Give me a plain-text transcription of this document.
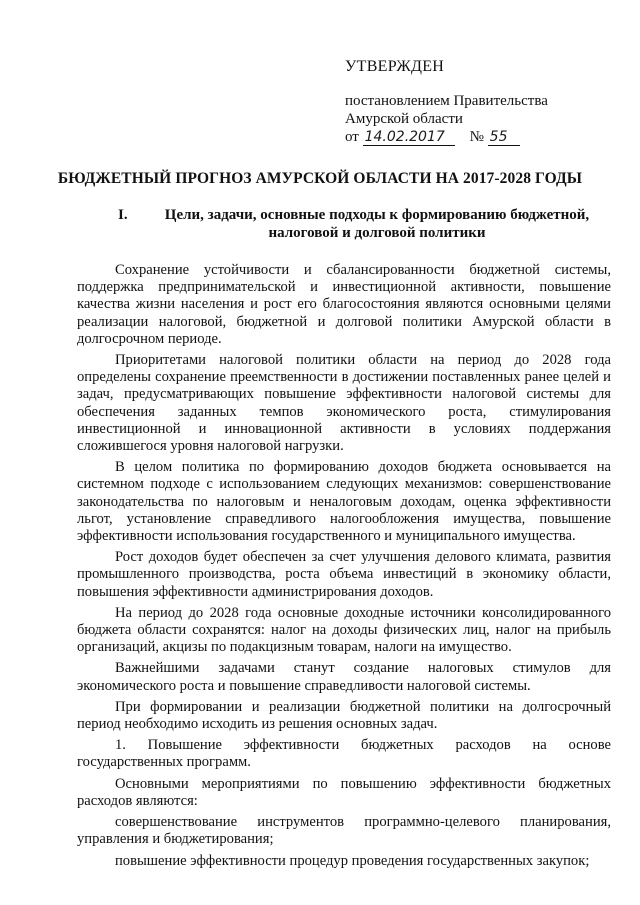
УТВЕРЖДЕН
постановлением Правительства
Амурской области
от 14.02.2017 № 55
БЮДЖЕТНЫЙ ПРОГНОЗ АМУРСКОЙ ОБЛАСТИ НА 2017-2028 ГОДЫ
I.	Цели, задачи, основные подходы к формированию бюджетной, налоговой и долговой политики

Сохранение устойчивости и сбалансированности бюджетной системы, поддержка предпринимательской и инвестиционной активности, повышение качества жизни населения и рост его благосостояния являются основными целями реализации налоговой, бюджетной и долговой политики Амурской области в долгосрочном периоде.

Приоритетами налоговой политики области на период до 2028 года определены сохранение преемственности в достижении поставленных ранее целей и задач, предусматривающих повышение эффективности налоговой системы для обеспечения заданных темпов экономического роста, стимулирования инвестиционной и инновационной активности в условиях поддержания сложившегося уровня налоговой нагрузки.

В целом политика по формированию доходов бюджета основывается на системном подходе с использованием следующих механизмов: совершенствование законодательства по налоговым и неналоговым доходам, оценка эффективности льгот, установление справедливого налогообложения имущества, повышение эффективности использования государственного и муниципального имущества.

Рост доходов будет обеспечен за счет улучшения делового климата, развития промышленного производства, роста объема инвестиций в экономику области, повышения эффективности администрирования доходов.

На период до 2028 года основные доходные источники консолидированного бюджета области сохранятся: налог на доходы физических лиц, налог на прибыль организаций, акцизы по подакцизным товарам, налоги на имущество.

Важнейшими задачами станут создание налоговых стимулов для экономического роста и повышение справедливости налоговой системы.

При формировании и реализации бюджетной политики на долгосрочный период необходимо исходить из решения основных задач.

1. Повышение эффективности бюджетных расходов на основе государственных программ.

Основными мероприятиями по повышению эффективности бюджетных расходов являются:

совершенствование инструментов программно-целевого планирования, управления и бюджетирования;

повышение эффективности процедур проведения государственных закупок;
